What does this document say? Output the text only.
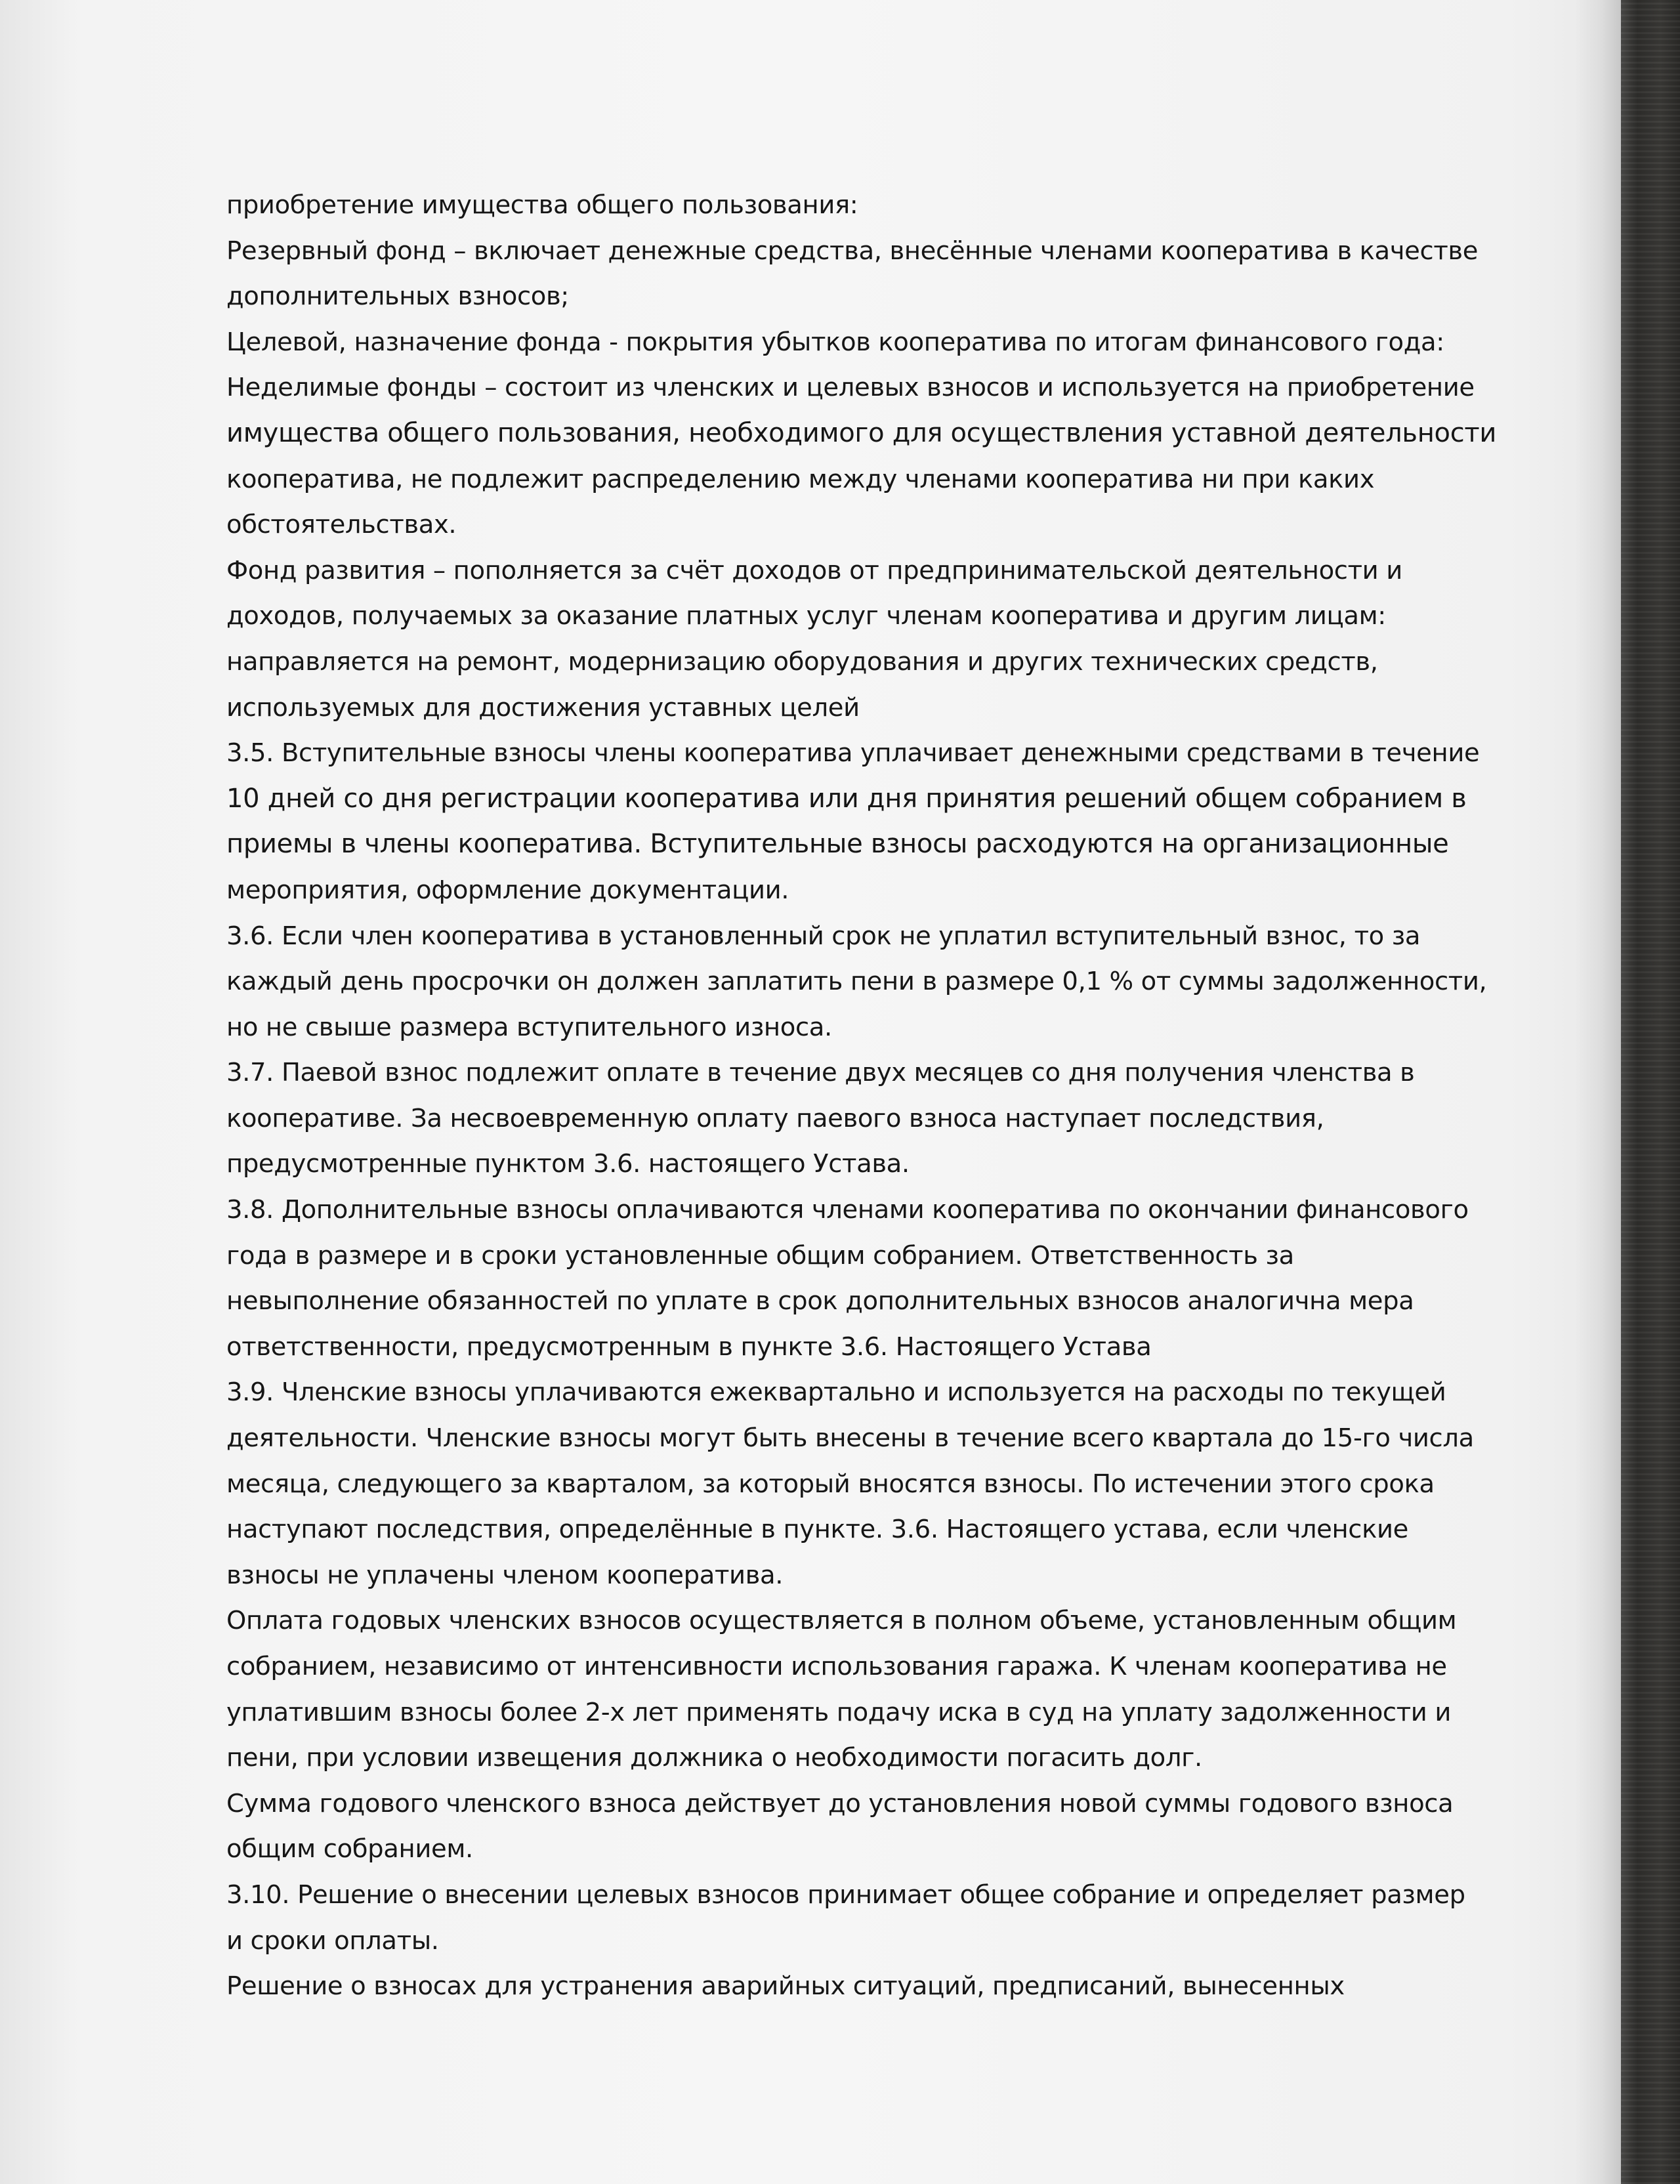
приобретение имущества общего пользования:
Резервный фонд – включает денежные средства, внесённые членами кооператива в качестве
дополнительных взносов;
Целевой, назначение фонда - покрытия убытков кооператива по итогам финансового года:
Неделимые фонды – состоит из членских и целевых взносов и используется на приобретение
имущества общего пользования, необходимого для осуществления уставной деятельности
кооператива, не подлежит распределению между членами кооператива ни при каких
обстоятельствах.
Фонд развития – пополняется за счёт доходов от предпринимательской деятельности и
доходов, получаемых за оказание платных услуг членам кооператива и другим лицам:
направляется на ремонт, модернизацию оборудования и других технических средств,
используемых для достижения уставных целей
3.5. Вступительные взносы члены кооператива уплачивает денежными средствами в течение
10 дней со дня регистрации кооператива или дня принятия решений общем собранием в
приемы в члены кооператива. Вступительные взносы расходуются на организационные
мероприятия, оформление документации.
3.6. Если член кооператива в установленный срок не уплатил вступительный взнос, то за
каждый день просрочки он должен заплатить пени в размере 0,1 % от суммы задолженности,
но не свыше размера вступительного износа.
3.7. Паевой взнос подлежит оплате в течение двух месяцев со дня получения членства в
кооперативе. За несвоевременную оплату паевого взноса наступает последствия,
предусмотренные пунктом 3.6. настоящего Устава.
3.8. Дополнительные взносы оплачиваются членами кооператива по окончании финансового
года в размере и в сроки установленные общим собранием. Ответственность за
невыполнение обязанностей по уплате в срок дополнительных взносов аналогична мера
ответственности, предусмотренным в пункте 3.6. Настоящего Устава
3.9. Членские взносы уплачиваются ежеквартально и используется на расходы по текущей
деятельности. Членские взносы могут быть внесены в течение всего квартала до 15-го числа
месяца, следующего за кварталом, за который вносятся взносы. По истечении этого срока
наступают последствия, определённые в пункте. 3.6. Настоящего устава, если членские
взносы не уплачены членом кооператива.
Оплата годовых членских взносов осуществляется в полном объеме, установленным общим
собранием, независимо от интенсивности использования гаража. К членам кооператива не
уплатившим взносы более 2-х лет применять подачу иска в суд на уплату задолженности и
пени, при условии извещения должника о необходимости погасить долг.
Сумма годового членского взноса действует до установления новой суммы годового взноса
общим собранием.
3.10. Решение о внесении целевых взносов принимает общее собрание и определяет размер
и сроки оплаты.
Решение о взносах для устранения аварийных ситуаций, предписаний, вынесенных
